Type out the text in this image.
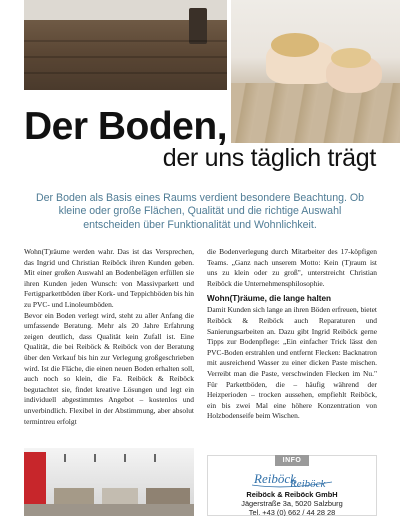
Der Boden,
der uns täglich trägt
Der Boden als Basis eines Raums verdient besondere Beachtung. Ob kleine oder große Flächen, Qualität und die richtige Auswahl entscheiden über Funktionalität und Wohnlichkeit.

Wohn(T)räume werden wahr. Das ist das Versprechen, das Ingrid und Christian Reiböck ihren Kunden geben. Mit einer großen Auswahl an Bodenbelägen erfüllen sie ihren Kunden jeden Wunsch: von Massivparkett und Fertigparkettböden über Kork- und Teppichböden bis hin zu PVC- und Linoleumböden.

Bevor ein Boden verlegt wird, steht zu aller Anfang die umfassende Beratung. Mehr als 20 Jahre Erfahrung zeigen deutlich, dass Qualität kein Zufall ist. Eine Qualität, die bei Reiböck & Reiböck von der Beratung über den Verkauf bis hin zur Verlegung großgeschrieben wird. Ist die Fläche, die einen neuen Boden erhalten soll, auch noch so klein, die Fa. Reiböck & Reiböck begutachtet sie, findet kreative Lösungen und legt ein individuell abgestimmtes Angebot – kostenlos und unverbindlich. Flexibel in der Abstimmung, aber absolut termintreu erfolgt

die Bodenverlegung durch Mitarbeiter des 17-köpfigen Teams. „Ganz nach unserem Motto: Kein (T)raum ist uns zu klein oder zu groß", unterstreicht Christian Reiböck die Unternehmensphilosophie.

Wohn(T)räume, die lange halten

Damit Kunden sich lange an ihren Böden erfreuen, bietet Reiböck & Reiböck auch Reparaturen und Sanierungsarbeiten an. Dazu gibt Ingrid Reiböck gerne Tipps zur Bodenpflege: „Ein einfacher Trick lässt den PVC-Boden erstrahlen und entfernt Flecken: Backnatron mit ausreichend Wasser zu einer dicken Paste mischen. Verreibt man die Paste, verschwinden Flecken im Nu." Für Parkettböden, die – häufig während der Heizperioden – trocken aussehen, empfiehlt Reiböck, ein bis zwei Mal eine höhere Konzentration von Holzbodenseife beim Wischen.

INFO
Reiböck
Reiböck
Reiböck & Reiböck GmbH
Jägerstraße 3a, 5020 Salzburg
Tel. +43 (0) 662 / 44 28 28
